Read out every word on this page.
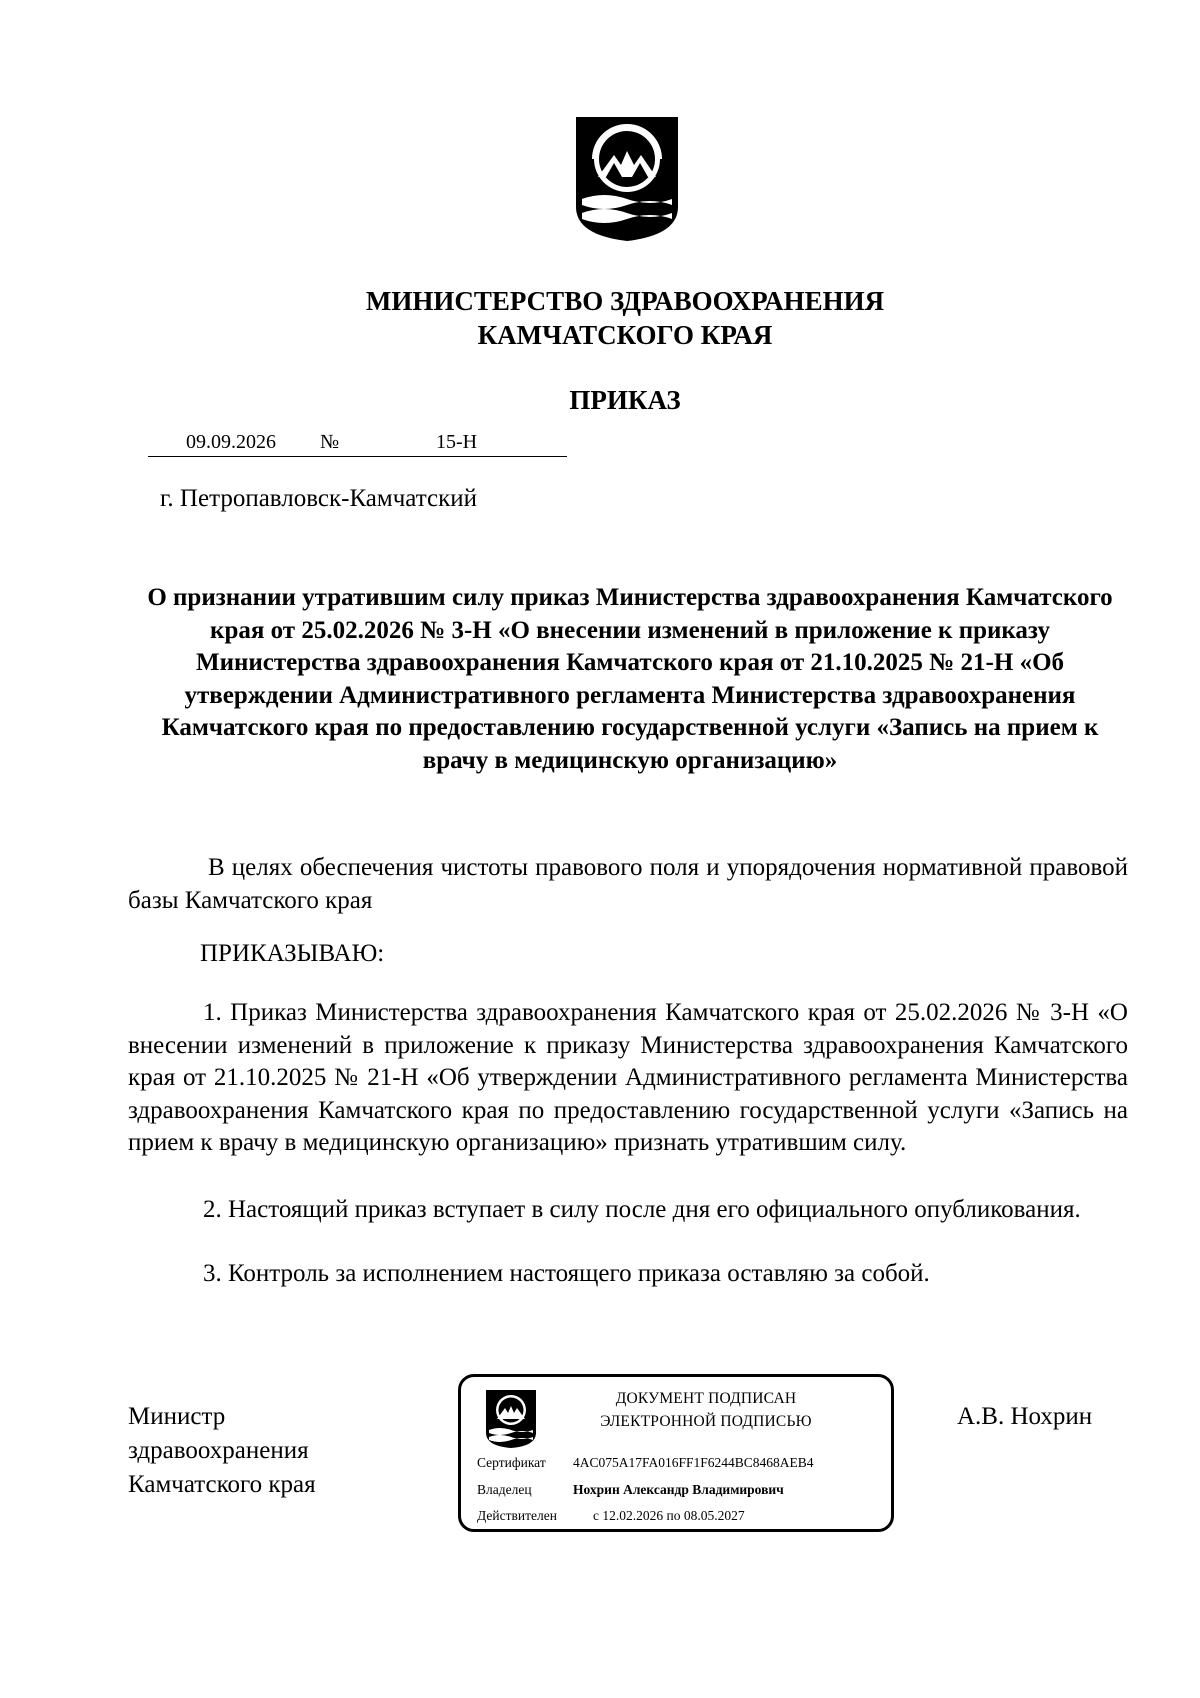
МИНИСТЕРСТВО ЗДРАВООХРАНЕНИЯ
КАМЧАТСКОГО КРАЯ
ПРИКАЗ
09.09.2026	№	15-Н
г. Петропавловск-Камчатский
О признании утратившим силу приказ Министерства здравоохранения Камчатского края от 25.02.2026 № 3-Н «О внесении изменений в приложение к приказу Министерства здравоохранения Камчатского края от 21.10.2025 № 21-Н «Об утверждении Административного регламента Министерства здравоохранения Камчатского края по предоставлению государственной услуги «Запись на прием к врачу в медицинскую организацию»
В целях обеспечения чистоты правового поля и упорядочения нормативной правовой базы Камчатского края
ПРИКАЗЫВАЮ:
1. Приказ Министерства здравоохранения Камчатского края от 25.02.2026 № 3-Н «О внесении изменений в приложение к приказу Министерства здравоохранения Камчатского края от 21.10.2025 № 21-Н «Об утверждении Административного регламента Министерства здравоохранения Камчатского края по предоставлению государственной услуги «Запись на прием к врачу в медицинскую организацию» признать утратившим силу.
2. Настоящий приказ вступает в силу после дня его официального опубликования.
3. Контроль за исполнением настоящего приказа оставляю за собой.
Министр
здравоохранения
Камчатского края
ДОКУМЕНТ ПОДПИСАН
ЭЛЕКТРОННОЙ ПОДПИСЬЮ
Сертификат 4AC075A17FA016FF1F6244BC8468AEB4
Владелец	Нохрин Александр Владимирович
Действителен	с 12.02.2026 по 08.05.2027
А.В. Нохрин
